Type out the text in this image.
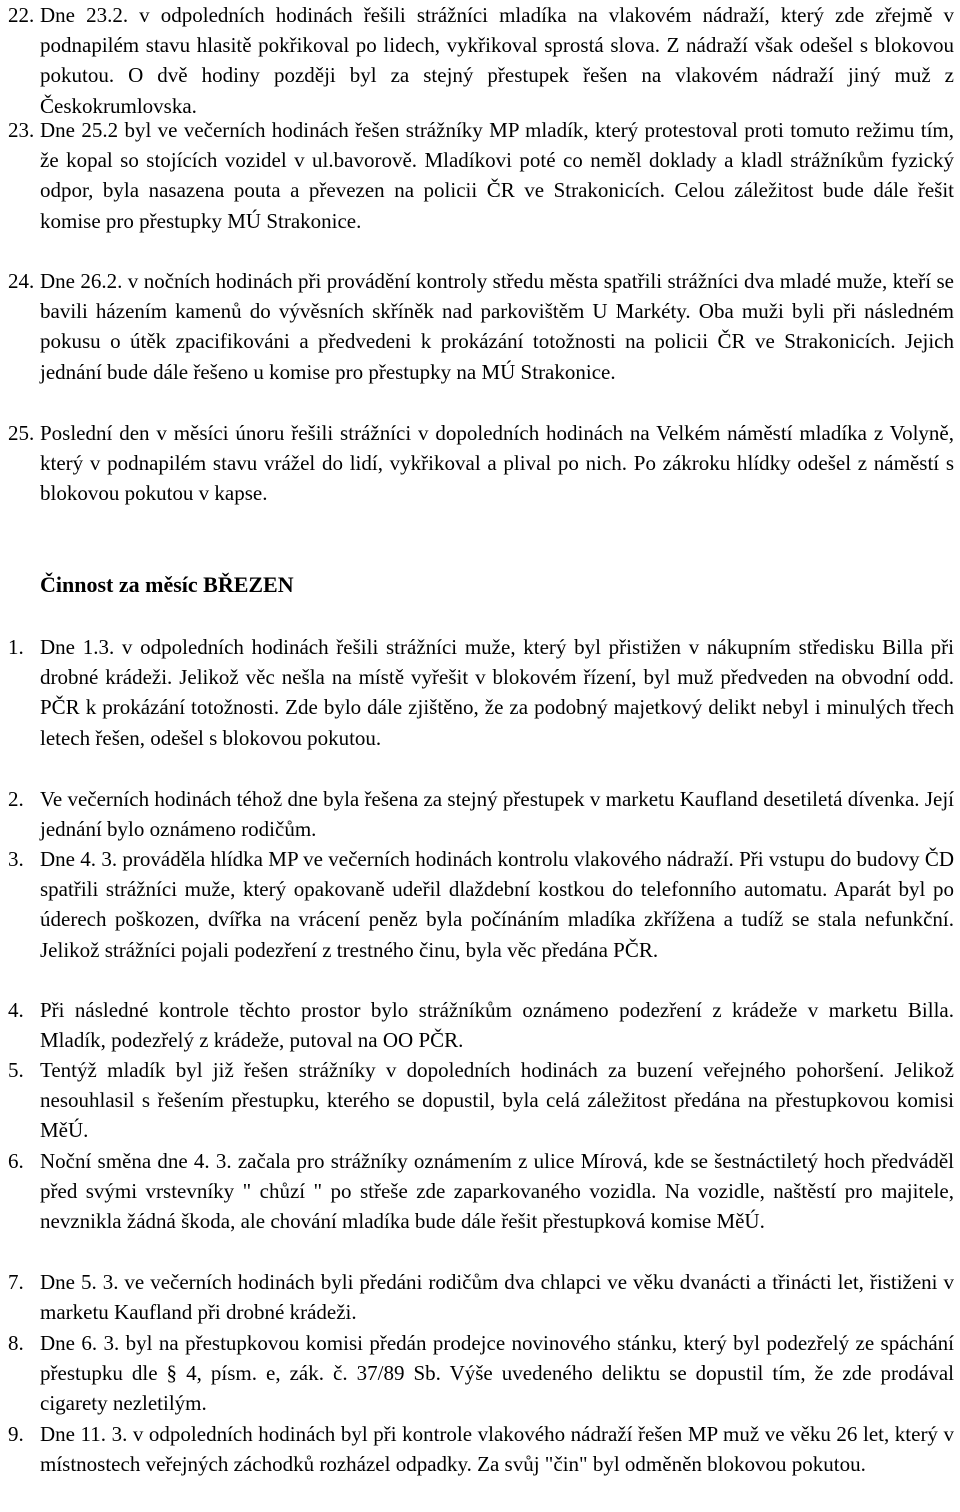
22. Dne 23.2. v odpoledních hodinách řešili strážníci mladíka na vlakovém nádraží, který zde zřejmě v podnapilém stavu hlasitě pokřikoval po lidech, vykřikoval sprostá slova. Z nádraží však odešel s blokovou pokutou. O dvě hodiny později byl za stejný přestupek řešen na vlakovém nádraží jiný muž z Českokrumlovska.
23. Dne 25.2 byl ve večerních hodinách řešen strážníky MP mladík, který protestoval proti tomuto režimu tím, že kopal so stojících vozidel v ul.bavorově. Mladíkovi poté co neměl doklady a kladl strážníkům fyzický odpor, byla nasazena pouta a převezen na policii ČR ve Strakonicích. Celou záležitost bude dále řešit komise pro přestupky MÚ Strakonice.
24. Dne 26.2. v nočních hodinách při provádění kontroly středu města spatřili strážníci dva mladé muže, kteří se bavili házením kamenů do vývěsních skříněk nad parkovištěm U Markéty. Oba muži byli při následném pokusu o útěk zpacifikováni a předvedeni k prokázání totožnosti na policii ČR ve Strakonicích. Jejich jednání bude dále řešeno u komise pro přestupky na MÚ Strakonice.
25. Poslední den v měsíci únoru řešili strážníci v dopoledních hodinách na Velkém náměstí mladíka z Volyně, který v podnapilém stavu vrážel do lidí, vykřikoval a plival po nich. Po zákroku hlídky odešel z náměstí s blokovou pokutou v kapse.
Činnost za měsíc BŘEZEN
1. Dne 1.3. v odpoledních hodinách řešili strážníci muže, který byl přistižen v nákupním středisku Billa při drobné krádeži. Jelikož věc nešla na místě vyřešit v blokovém řízení, byl muž předveden na obvodní odd. PČR k prokázání totožnosti. Zde bylo dále zjištěno, že za podobný majetkový delikt nebyl i minulých třech letech řešen, odešel s blokovou pokutou.
2. Ve večerních hodinách téhož dne byla řešena za stejný přestupek v marketu Kaufland desetiletá dívenka. Její jednání bylo oznámeno rodičům.
3. Dne 4. 3. prováděla hlídka MP ve večerních hodinách kontrolu vlakového nádraží. Při vstupu do budovy ČD spatřili strážníci muže, který opakovaně udeřil dlaždební kostkou do telefonního automatu. Aparát byl po úderech poškozen, dvířka na vrácení peněz byla počínáním mladíka zkříženа a tudíž se stala nefunkční. Jelikož strážníci pojali podezření z trestného činu, byla věc předána PČR.
4. Při následné kontrole těchto prostor bylo strážníkům oznámeno podezření z krádeže v marketu Billa. Mladík, podezřelý z krádeže, putoval na OO PČR.
5. Tentýž mladík byl již řešen strážníky v dopoledních hodinách za buzení veřejného pohoršení. Jelikož nesouhlasil s řešením přestupku, kterého se dopustil, byla celá záležitost předána na přestupkovou komisi MěÚ.
6. Noční směna dne 4. 3. začala pro strážníky oznámením z ulice Mírová, kde se šestnáctiletý hoch předváděl před svými vrstevníky " chůzí " po střeše zde zaparkovaného vozidla. Na vozidle, naštěstí pro majitele, nevznikla žádná škoda, ale chování mladíka bude dále řešit přestupková komise MěÚ.
7. Dne 5. 3. ve večerních hodinách byli předáni rodičům dva chlapci ve věku dvanácti a třinácti let, řistiženi v marketu Kaufland při drobné krádeži.
8. Dne 6. 3. byl na přestupkovou komisi předán prodejce novinového stánku, který byl podezřelý ze spáchání přestupku dle § 4, písm. e, zák. č. 37/89 Sb. Výše uvedeného deliktu se dopustil tím, že zde prodával cigarety nezletilým.
9. Dne 11. 3. v odpoledních hodinách byl při kontrole vlakového nádraží řešen MP muž ve věku 26 let, který v místnostech veřejných záchodků rozházel odpadky. Za svůj "čin" byl odměněn blokovou pokutou.
